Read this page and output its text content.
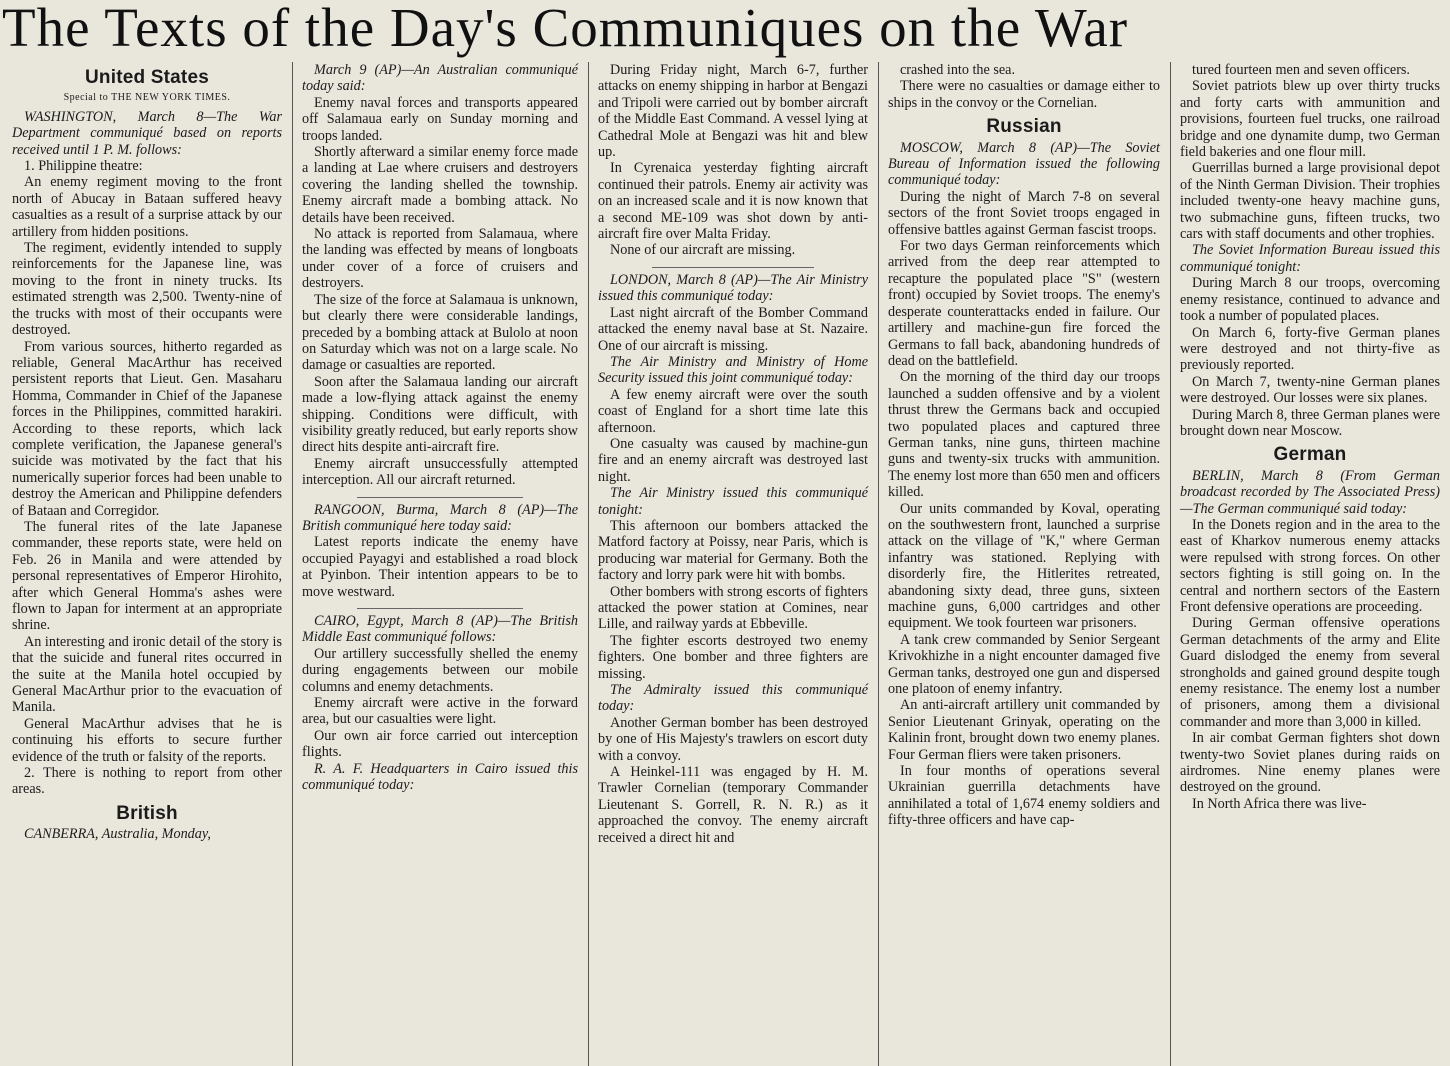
The Texts of the Day's Communiques on the War
United States

Special to THE NEW YORK TIMES.

WASHINGTON, March 8—The War Department communiqué based on reports received until 1 P. M. follows:

1. Philippine theatre:

An enemy regiment moving to the front north of Abucay in Bataan suffered heavy casualties as a result of a surprise attack by our artillery from hidden positions.

The regiment, evidently intended to supply reinforcements for the Japanese line, was moving to the front in ninety trucks. Its estimated strength was 2,500. Twenty-nine of the trucks with most of their occupants were destroyed.

From various sources, hitherto regarded as reliable, General MacArthur has received persistent reports that Lieut. Gen. Masaharu Homma, Commander in Chief of the Japanese forces in the Philippines, committed harakiri. According to these reports, which lack complete verification, the Japanese general's suicide was motivated by the fact that his numerically superior forces had been unable to destroy the American and Philippine defenders of Bataan and Corregidor.

The funeral rites of the late Japanese commander, these reports state, were held on Feb. 26 in Manila and were attended by personal representatives of Emperor Hirohito, after which General Homma's ashes were flown to Japan for interment at an appropriate shrine.

An interesting and ironic detail of the story is that the suicide and funeral rites occurred in the suite at the Manila hotel occupied by General MacArthur prior to the evacuation of Manila.

General MacArthur advises that he is continuing his efforts to secure further evidence of the truth or falsity of the reports.

2. There is nothing to report from other areas.

British

CANBERRA, Australia, Monday,

March 9 (AP)—An Australian communiqué today said:

Enemy naval forces and transports appeared off Salamaua early on Sunday morning and troops landed.

Shortly afterward a similar enemy force made a landing at Lae where cruisers and destroyers covering the landing shelled the township. Enemy aircraft made a bombing attack. No details have been received.

No attack is reported from Salamaua, where the landing was effected by means of longboats under cover of a force of cruisers and destroyers.

The size of the force at Salamaua is unknown, but clearly there were considerable landings, preceded by a bombing attack at Bulolo at noon on Saturday which was not on a large scale. No damage or casualties are reported.

Soon after the Salamaua landing our aircraft made a low-flying attack against the enemy shipping. Conditions were difficult, with visibility greatly reduced, but early reports show direct hits despite anti-aircraft fire.

Enemy aircraft unsuccessfully attempted interception. All our aircraft returned.

RANGOON, Burma, March 8 (AP)—The British communiqué here today said:

Latest reports indicate the enemy have occupied Payagyi and established a road block at Pyinbon. Their intention appears to be to move westward.

CAIRO, Egypt, March 8 (AP)—The British Middle East communiqué follows:

Our artillery successfully shelled the enemy during engagements between our mobile columns and enemy detachments.

Enemy aircraft were active in the forward area, but our casualties were light.

Our own air force carried out interception flights.

R. A. F. Headquarters in Cairo issued this communiqué today:

During Friday night, March 6-7, further attacks on enemy shipping in harbor at Bengazi and Tripoli were carried out by bomber aircraft of the Middle East Command. A vessel lying at Cathedral Mole at Bengazi was hit and blew up.

In Cyrenaica yesterday fighting aircraft continued their patrols. Enemy air activity was on an increased scale and it is now known that a second ME-109 was shot down by anti-aircraft fire over Malta Friday.

None of our aircraft are missing.

LONDON, March 8 (AP)—The Air Ministry issued this communiqué today:

Last night aircraft of the Bomber Command attacked the enemy naval base at St. Nazaire. One of our aircraft is missing.

The Air Ministry and Ministry of Home Security issued this joint communiqué today:

A few enemy aircraft were over the south coast of England for a short time late this afternoon.

One casualty was caused by machine-gun fire and an enemy aircraft was destroyed last night.

The Air Ministry issued this communiqué tonight:

This afternoon our bombers attacked the Matford factory at Poissy, near Paris, which is producing war material for Germany. Both the factory and lorry park were hit with bombs.

Other bombers with strong escorts of fighters attacked the power station at Comines, near Lille, and railway yards at Ebbeville.

The fighter escorts destroyed two enemy fighters. One bomber and three fighters are missing.

The Admiralty issued this communiqué today:

Another German bomber has been destroyed by one of His Majesty's trawlers on escort duty with a convoy.

A Heinkel-111 was engaged by H. M. Trawler Cornelian (temporary Commander Lieutenant S. Gorrell, R. N. R.) as it approached the convoy. The enemy aircraft received a direct hit and

crashed into the sea.

There were no casualties or damage either to ships in the convoy or the Cornelian.

Russian

MOSCOW, March 8 (AP)—The Soviet Bureau of Information issued the following communiqué today:

During the night of March 7-8 on several sectors of the front Soviet troops engaged in offensive battles against German fascist troops.

For two days German reinforcements which arrived from the deep rear attempted to recapture the populated place "S" (western front) occupied by Soviet troops. The enemy's desperate counterattacks ended in failure. Our artillery and machine-gun fire forced the Germans to fall back, abandoning hundreds of dead on the battlefield.

On the morning of the third day our troops launched a sudden offensive and by a violent thrust threw the Germans back and occupied two populated places and captured three German tanks, nine guns, thirteen machine guns and twenty-six trucks with ammunition. The enemy lost more than 650 men and officers killed.

Our units commanded by Koval, operating on the southwestern front, launched a surprise attack on the village of "K," where German infantry was stationed. Replying with disorderly fire, the Hitlerites retreated, abandoning sixty dead, three guns, sixteen machine guns, 6,000 cartridges and other equipment. We took fourteen war prisoners.

A tank crew commanded by Senior Sergeant Krivokhizhe in a night encounter damaged five German tanks, destroyed one gun and dispersed one platoon of enemy infantry.

An anti-aircraft artillery unit commanded by Senior Lieutenant Grinyak, operating on the Kalinin front, brought down two enemy planes. Four German fliers were taken prisoners.

In four months of operations several Ukrainian guerrilla detachments have annihilated a total of 1,674 enemy soldiers and fifty-three officers and have cap-

tured fourteen men and seven officers.

Soviet patriots blew up over thirty trucks and forty carts with ammunition and provisions, fourteen fuel trucks, one railroad bridge and one dynamite dump, two German field bakeries and one flour mill.

Guerrillas burned a large provisional depot of the Ninth German Division. Their trophies included twenty-one heavy machine guns, two submachine guns, fifteen trucks, two cars with staff documents and other trophies.

The Soviet Information Bureau issued this communiqué tonight:

During March 8 our troops, overcoming enemy resistance, continued to advance and took a number of populated places.

On March 6, forty-five German planes were destroyed and not thirty-five as previously reported.

On March 7, twenty-nine German planes were destroyed. Our losses were six planes.

During March 8, three German planes were brought down near Moscow.

German

BERLIN, March 8 (From German broadcast recorded by The Associated Press)—The German communiqué said today:

In the Donets region and in the area to the east of Kharkov numerous enemy attacks were repulsed with strong forces. On other sectors fighting is still going on. In the central and northern sectors of the Eastern Front defensive operations are proceeding.

During German offensive operations German detachments of the army and Elite Guard dislodged the enemy from several strongholds and gained ground despite tough enemy resistance. The enemy lost a number of prisoners, among them a divisional commander and more than 3,000 in killed.

In air combat German fighters shot down twenty-two Soviet planes during raids on airdromes. Nine enemy planes were destroyed on the ground.

In North Africa there was live-
